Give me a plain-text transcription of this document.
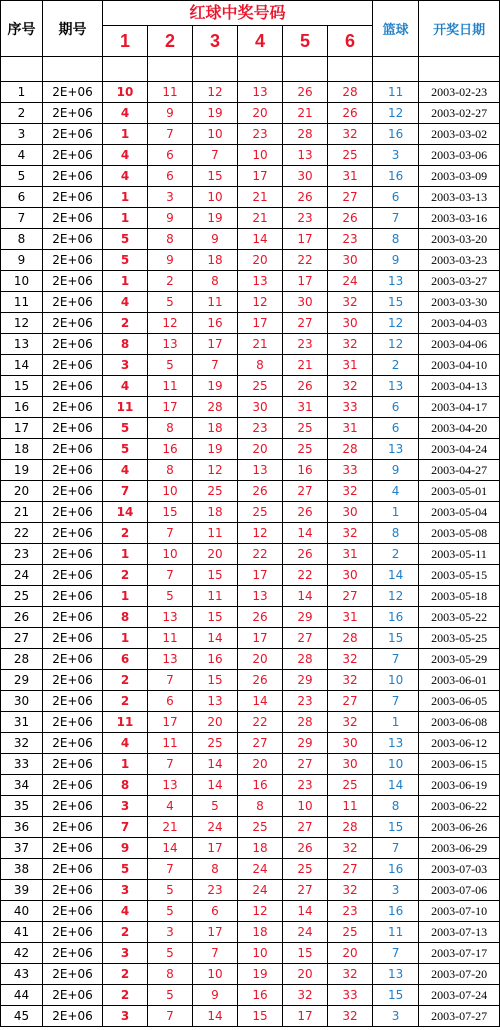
序号	期号	红球中奖号码						篮球	开奖日期
		1	2	3	4	5	6		

1	2E+06	10	11	12	13	26	28	11	2003-02-23
2	2E+06	4	9	19	20	21	26	12	2003-02-27
3	2E+06	1	7	10	23	28	32	16	2003-03-02
4	2E+06	4	6	7	10	13	25	3	2003-03-06
5	2E+06	4	6	15	17	30	31	16	2003-03-09
6	2E+06	1	3	10	21	26	27	6	2003-03-13
7	2E+06	1	9	19	21	23	26	7	2003-03-16
8	2E+06	5	8	9	14	17	23	8	2003-03-20
9	2E+06	5	9	18	20	22	30	9	2003-03-23
10	2E+06	1	2	8	13	17	24	13	2003-03-27
11	2E+06	4	5	11	12	30	32	15	2003-03-30
12	2E+06	2	12	16	17	27	30	12	2003-04-03
13	2E+06	8	13	17	21	23	32	12	2003-04-06
14	2E+06	3	5	7	8	21	31	2	2003-04-10
15	2E+06	4	11	19	25	26	32	13	2003-04-13
16	2E+06	11	17	28	30	31	33	6	2003-04-17
17	2E+06	5	8	18	23	25	31	6	2003-04-20
18	2E+06	5	16	19	20	25	28	13	2003-04-24
19	2E+06	4	8	12	13	16	33	9	2003-04-27
20	2E+06	7	10	25	26	27	32	4	2003-05-01
21	2E+06	14	15	18	25	26	30	1	2003-05-04
22	2E+06	2	7	11	12	14	32	8	2003-05-08
23	2E+06	1	10	20	22	26	31	2	2003-05-11
24	2E+06	2	7	15	17	22	30	14	2003-05-15
25	2E+06	1	5	11	13	14	27	12	2003-05-18
26	2E+06	8	13	15	26	29	31	16	2003-05-22
27	2E+06	1	11	14	17	27	28	15	2003-05-25
28	2E+06	6	13	16	20	28	32	7	2003-05-29
29	2E+06	2	7	15	26	29	32	10	2003-06-01
30	2E+06	2	6	13	14	23	27	7	2003-06-05
31	2E+06	11	17	20	22	28	32	1	2003-06-08
32	2E+06	4	11	25	27	29	30	13	2003-06-12
33	2E+06	1	7	14	20	27	30	10	2003-06-15
34	2E+06	8	13	14	16	23	25	14	2003-06-19
35	2E+06	3	4	5	8	10	11	8	2003-06-22
36	2E+06	7	21	24	25	27	28	15	2003-06-26
37	2E+06	9	14	17	18	26	32	7	2003-06-29
38	2E+06	5	7	8	24	25	27	16	2003-07-03
39	2E+06	3	5	23	24	27	32	3	2003-07-06
40	2E+06	4	5	6	12	14	23	16	2003-07-10
41	2E+06	2	3	17	18	24	25	11	2003-07-13
42	2E+06	3	5	7	10	15	20	7	2003-07-17
43	2E+06	2	8	10	19	20	32	13	2003-07-20
44	2E+06	2	5	9	16	32	33	15	2003-07-24
45	2E+06	3	7	14	15	17	32	3	2003-07-27
